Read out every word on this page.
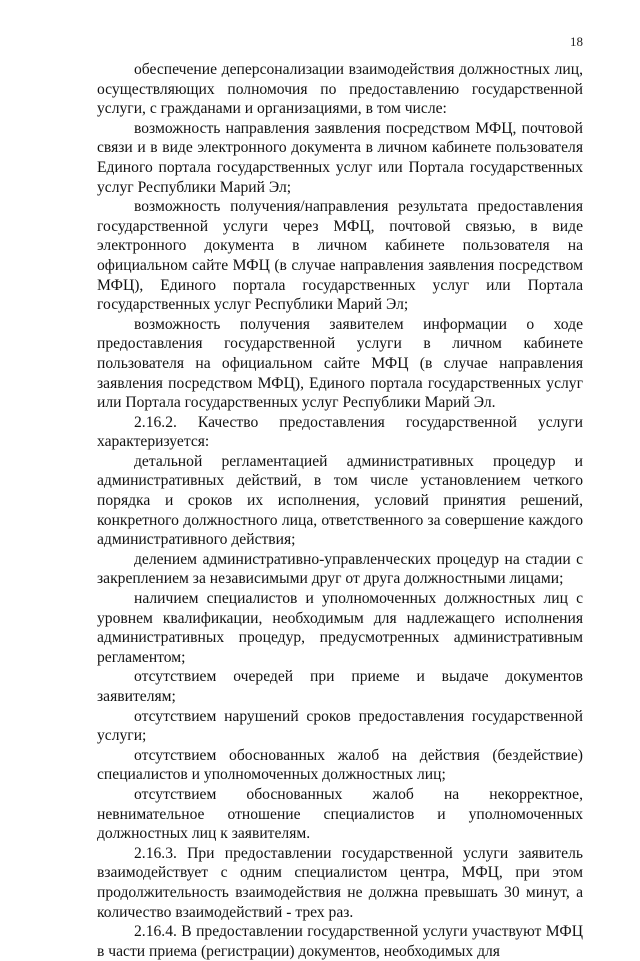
18

обеспечение деперсонализации взаимодействия должностных лиц, осуществляющих полномочия по предоставлению государственной услуги, с гражданами и организациями, в том числе:

возможность направления заявления посредством МФЦ, почтовой связи и в виде электронного документа в личном кабинете пользователя Единого портала государственных услуг или Портала государственных услуг Республики Марий Эл;

возможность получения/направления результата предоставления государственной услуги через МФЦ, почтовой связью, в виде электронного документа в личном кабинете пользователя на официальном сайте МФЦ (в случае направления заявления посредством МФЦ), Единого портала государственных услуг или Портала государственных услуг Республики Марий Эл;

возможность получения заявителем информации о ходе предоставления государственной услуги в личном кабинете пользователя на официальном сайте МФЦ (в случае направления заявления посредством МФЦ), Единого портала государственных услуг или Портала государственных услуг Республики Марий Эл.

2.16.2. Качество предоставления государственной услуги характеризуется:

детальной регламентацией административных процедур и административных действий, в том числе установлением четкого порядка и сроков их исполнения, условий принятия решений, конкретного должностного лица, ответственного за совершение каждого административного действия;

делением административно-управленческих процедур на стадии с закреплением за независимыми друг от друга должностными лицами;

наличием специалистов и уполномоченных должностных лиц с уровнем квалификации, необходимым для надлежащего исполнения административных процедур, предусмотренных административным регламентом;

отсутствием очередей при приеме и выдаче документов заявителям;

отсутствием нарушений сроков предоставления государственной услуги;

отсутствием обоснованных жалоб на действия (бездействие) специалистов и уполномоченных должностных лиц;

отсутствием обоснованных жалоб на некорректное, невнимательное отношение специалистов и уполномоченных должностных лиц к заявителям.

2.16.3. При предоставлении государственной услуги заявитель взаимодействует с одним специалистом центра, МФЦ, при этом продолжительность взаимодействия не должна превышать 30 минут, а количество взаимодействий - трех раз.

2.16.4. В предоставлении государственной услуги участвуют МФЦ в части приема (регистрации) документов, необходимых для
